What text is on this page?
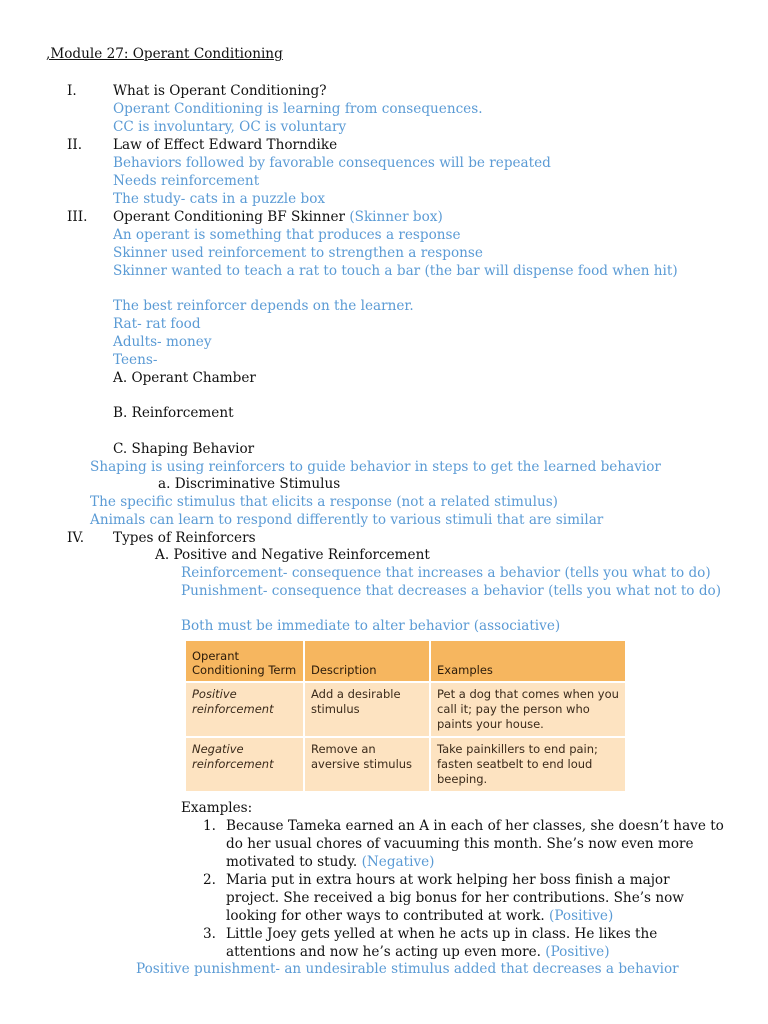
,Module 27: Operant Conditioning
I.	What is Operant Conditioning?
Operant Conditioning is learning from consequences.
CC is involuntary, OC is voluntary
II. Law of Effect Edward Thorndike
Behaviors followed by favorable consequences will be repeated
Needs reinforcement
The study- cats in a puzzle box
III. Operant Conditioning BF Skinner (Skinner box)
An operant is something that produces a response
Skinner used reinforcement to strengthen a response
Skinner wanted to teach a rat to touch a bar (the bar will dispense food when hit)
The best reinforcer depends on the learner.
Rat- rat food
Adults- money
Teens-
A. Operant Chamber
B. Reinforcement
C. Shaping Behavior
Shaping is using reinforcers to guide behavior in steps to get the learned behavior
a. Discriminative Stimulus
The specific stimulus that elicits a response (not a related stimulus)
Animals can learn to respond differently to various stimuli that are similar
IV. Types of Reinforcers
A. Positive and Negative Reinforcement
Reinforcement- consequence that increases a behavior (tells you what to do)
Punishment- consequence that decreases a behavior (tells you what not to do)
Both must be immediate to alter behavior (associative)
Operant Conditioning Term	Description	Examples
Positive reinforcement	Add a desirable stimulus	Pet a dog that comes when you call it; pay the person who paints your house.
Negative reinforcement	Remove an aversive stimulus	Take painkillers to end pain; fasten seatbelt to end loud beeping.
Examples:
1. Because Tameka earned an A in each of her classes, she doesn’t have to do her usual chores of vacuuming this month. She’s now even more motivated to study. (Negative)
2. Maria put in extra hours at work helping her boss finish a major project. She received a big bonus for her contributions. She’s now looking for other ways to contributed at work. (Positive)
3. Little Joey gets yelled at when he acts up in class. He likes the attentions and now he’s acting up even more. (Positive)
Positive punishment- an undesirable stimulus added that decreases a behavior
